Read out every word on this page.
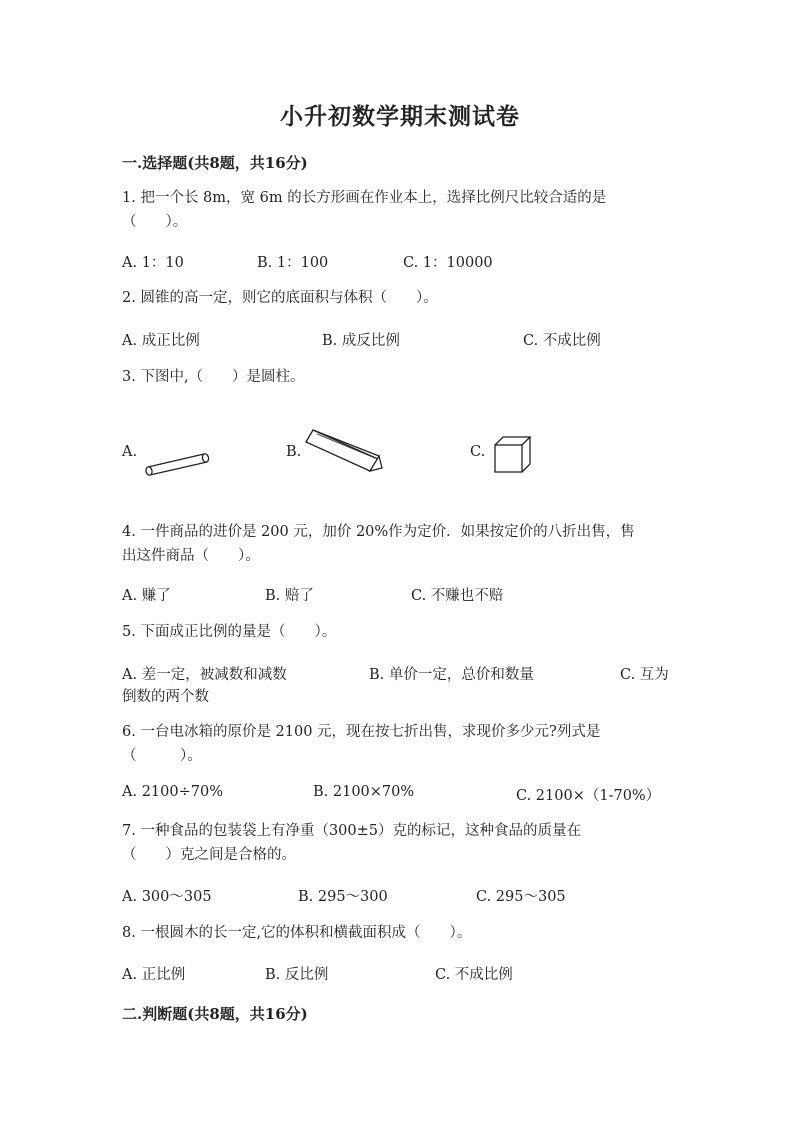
小升初数学期末测试卷
一.选择题(共8题，共16分)
1. 把一个长 8m，宽 6m 的长方形画在作业本上，选择比例尺比较合适的是
（　　）。
A. 1：10	B. 1：100	C. 1：10000
2. 圆锥的高一定，则它的底面积与体积（　　）。
A. 成正比例	B. 成反比例	C. 不成比例
3. 下图中,（　　）是圆柱。
A.	B.	C.
4. 一件商品的进价是 200 元，加价 20%作为定价．如果按定价的八折出售，售
出这件商品（　　）。
A. 赚了	B. 赔了	C. 不赚也不赔
5. 下面成正比例的量是（　　）。
A. 差一定，被减数和减数	B. 单价一定，总价和数量	C. 互为
倒数的两个数
6. 一台电冰箱的原价是 2100 元，现在按七折出售，求现价多少元?列式是
（　　　）。
A. 2100÷70%	B. 2100×70%	C. 2100×（1-70%）
7. 一种食品的包装袋上有净重（300±5）克的标记，这种食品的质量在
（　　）克之间是合格的。
A. 300～305	B. 295～300	C. 295～305
8. 一根圆木的长一定,它的体积和横截面积成（　　）。
A. 正比例	B. 反比例	C. 不成比例
二.判断题(共8题，共16分)
